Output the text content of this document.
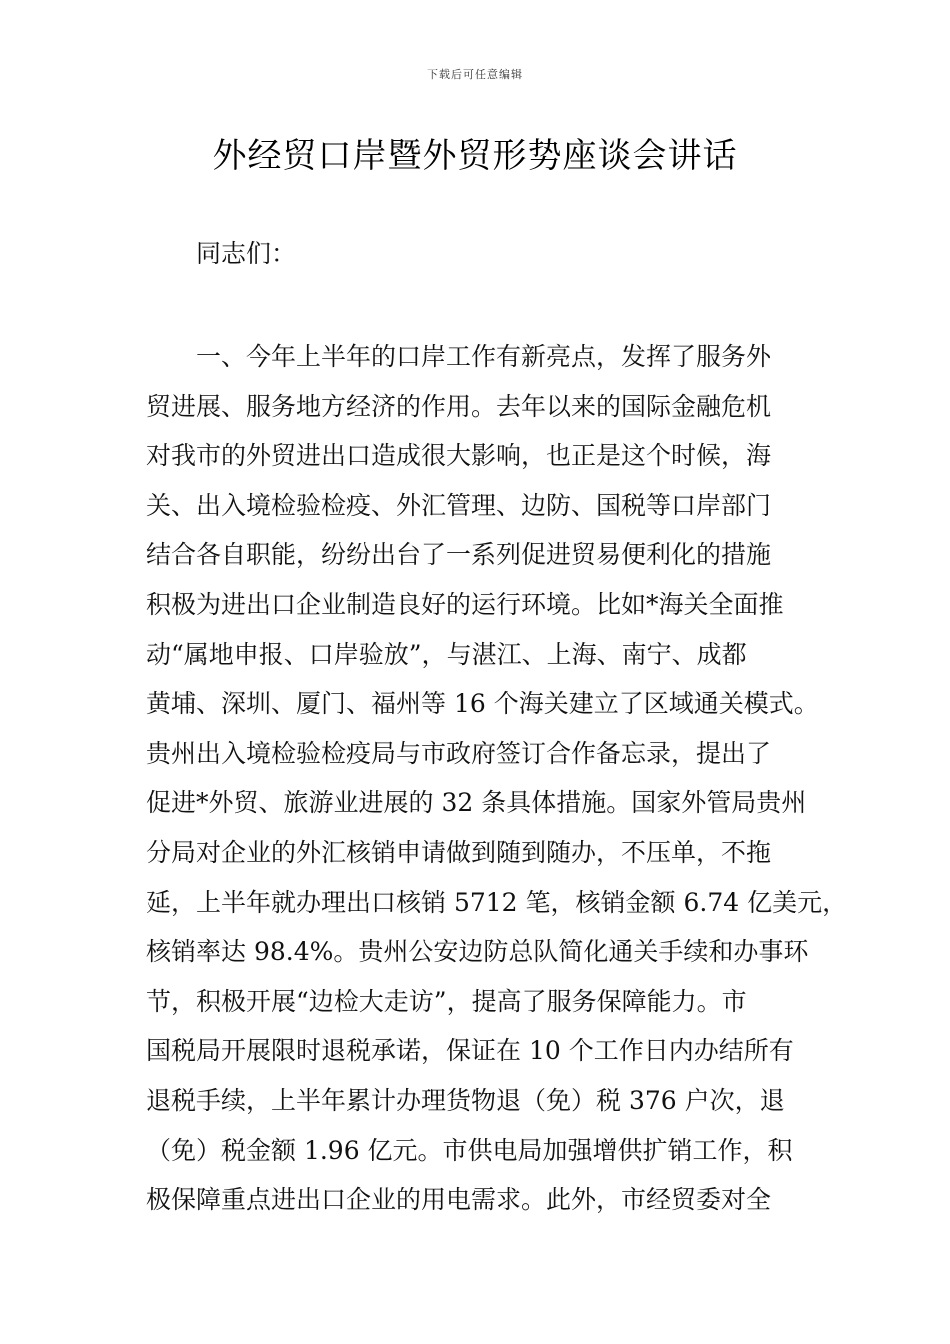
下载后可任意编辑
外经贸口岸暨外贸形势座谈会讲话

同志们：

一、今年上半年的口岸工作有新亮点，发挥了服务外
贸进展、服务地方经济的作用。去年以来的国际金融危机
对我市的外贸进出口造成很大影响，也正是这个时候，海
关、出入境检验检疫、外汇管理、边防、国税等口岸部门
结合各自职能，纷纷出台了一系列促进贸易便利化的措施
积极为进出口企业制造良好的运行环境。比如*海关全面推
动“属地申报、口岸验放”，与湛江、上海、南宁、成都
黄埔、深圳、厦门、福州等 16 个海关建立了区域通关模式。
贵州出入境检验检疫局与市政府签订合作备忘录，提出了
促进*外贸、旅游业进展的 32 条具体措施。国家外管局贵州
分局对企业的外汇核销申请做到随到随办，不压单，不拖
延，上半年就办理出口核销 5712 笔，核销金额 6.74 亿美元，
核销率达 98.4%。贵州公安边防总队简化通关手续和办事环
节，积极开展“边检大走访”，提高了服务保障能力。市
国税局开展限时退税承诺，保证在 10 个工作日内办结所有
退税手续，上半年累计办理货物退（免）税 376 户次，退
（免）税金额 1.96 亿元。市供电局加强增供扩销工作，积
极保障重点进出口企业的用电需求。此外，市经贸委对全
